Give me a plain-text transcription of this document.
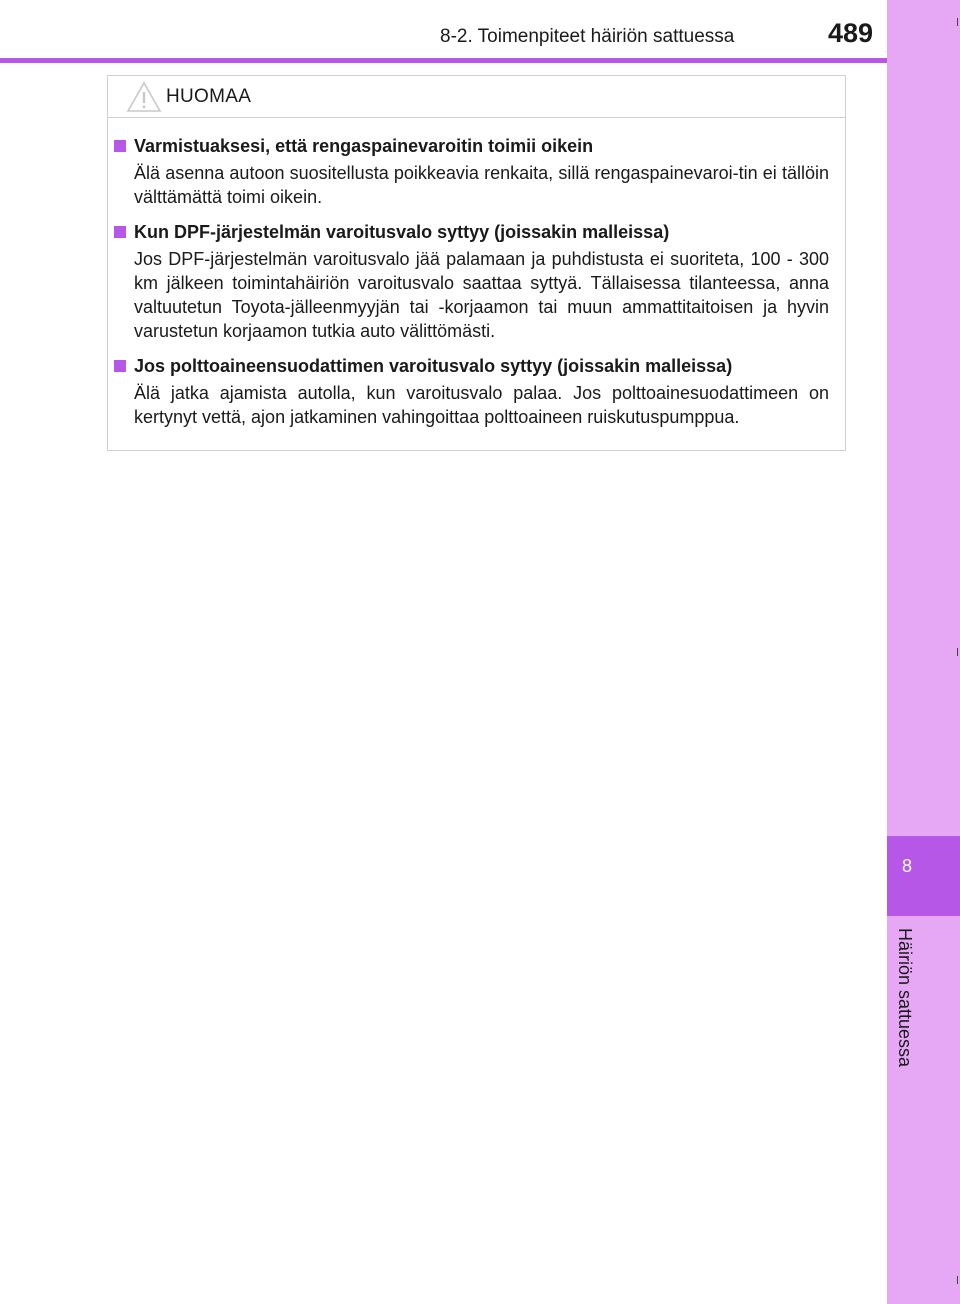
8
Häiriön sattuessa
8-2. Toimenpiteet häiriön sattuessa	489
HUOMAA
Varmistuaksesi, että rengaspainevaroitin toimii oikein
Älä asenna autoon suositellusta poikkeavia renkaita, sillä rengaspainevaroi-tin ei tällöin välttämättä toimi oikein.
Kun DPF-järjestelmän varoitusvalo syttyy (joissakin malleissa)
Jos DPF-järjestelmän varoitusvalo jää palamaan ja puhdistusta ei suoriteta, 100 - 300 km jälkeen toimintahäiriön varoitusvalo saattaa syttyä. Tällaisessa tilanteessa, anna valtuutetun Toyota-jälleenmyyjän tai -korjaamon tai muun ammattitaitoisen ja hyvin varustetun korjaamon tutkia auto välittömästi.
Jos polttoaineensuodattimen varoitusvalo syttyy (joissakin malleissa)
Älä jatka ajamista autolla, kun varoitusvalo palaa. Jos polttoainesuodattimeen on kertynyt vettä, ajon jatkaminen vahingoittaa polttoaineen ruiskutuspumppua.
